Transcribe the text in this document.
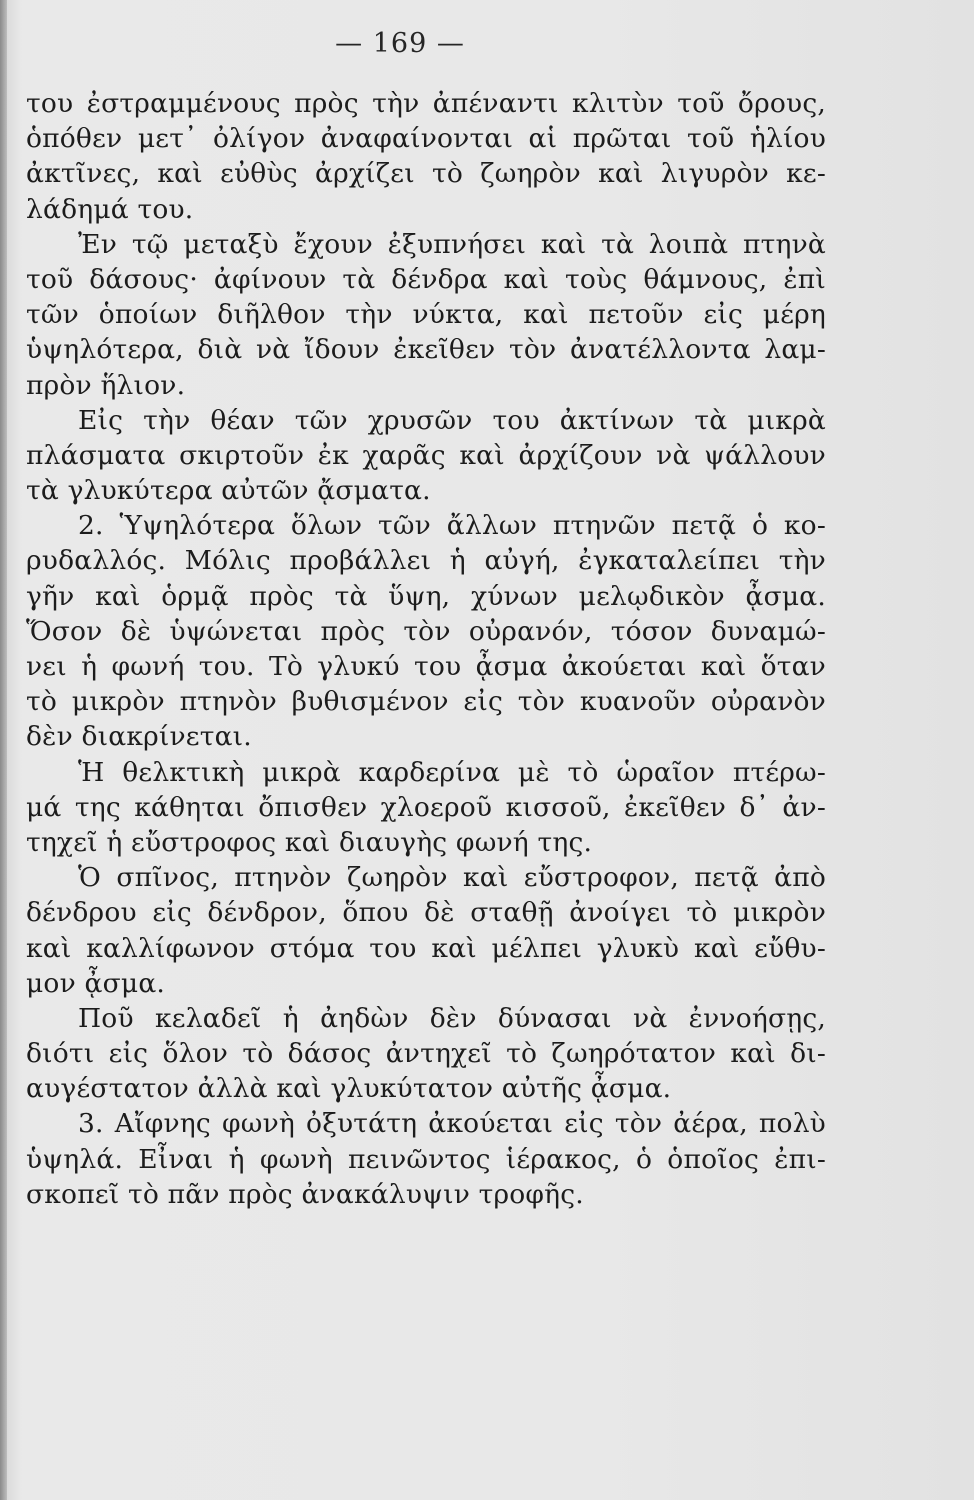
— 169 —
του ἐστραμμένους πρὸς τὴν ἀπέναντι κλιτὺν τοῦ ὄρους,
ὁπόθεν μετ᾽ ὀλίγον ἀναφαίνονται αἱ πρῶται τοῦ ἡλίου
ἀκτῖνες, καὶ εὐθὺς ἀρχίζει τὸ ζωηρὸν καὶ λιγυρὸν κε-
λάδημά του.
Ἐν τῷ μεταξὺ ἔχουν ἐξυπνήσει καὶ τὰ λοιπὰ πτηνὰ
τοῦ δάσους· ἀφίνουν τὰ δένδρα καὶ τοὺς θάμνους, ἐπὶ
τῶν ὁποίων διῆλθον τὴν νύκτα, καὶ πετοῦν εἰς μέρη
ὑψηλότερα, διὰ νὰ ἴδουν ἐκεῖθεν τὸν ἀνατέλλοντα λαμ-
πρὸν ἥλιον.
Εἰς τὴν θέαν τῶν χρυσῶν του ἀκτίνων τὰ μικρὰ
πλάσματα σκιρτοῦν ἐκ χαρᾶς καὶ ἀρχίζουν νὰ ψάλλουν
τὰ γλυκύτερα αὐτῶν ᾄσματα.
2. Ὑψηλότερα ὅλων τῶν ἄλλων πτηνῶν πετᾷ ὁ κο-
ρυδαλλός. Μόλις προβάλλει ἡ αὐγή, ἐγκαταλείπει τὴν
γῆν καὶ ὁρμᾷ πρὸς τὰ ὕψη, χύνων μελῳδικὸν ᾆσμα.
Ὅσον δὲ ὑψώνεται πρὸς τὸν οὐρανόν, τόσον δυναμώ-
νει ἡ φωνή του. Τὸ γλυκύ του ᾆσμα ἀκούεται καὶ ὅταν
τὸ μικρὸν πτηνὸν βυθισμένον εἰς τὸν κυανοῦν οὐρανὸν
δὲν διακρίνεται.
Ἡ θελκτικὴ μικρὰ καρδερίνα μὲ τὸ ὡραῖον πτέρω-
μά της κάθηται ὄπισθεν χλοεροῦ κισσοῦ, ἐκεῖθεν δ᾽ ἀν-
τηχεῖ ἡ εὔστροφος καὶ διαυγὴς φωνή της.
Ὁ σπῖνος, πτηνὸν ζωηρὸν καὶ εὔστροφον, πετᾷ ἀπὸ
δένδρου εἰς δένδρον, ὅπου δὲ σταθῇ ἀνοίγει τὸ μικρὸν
καὶ καλλίφωνον στόμα του καὶ μέλπει γλυκὺ καὶ εὔθυ-
μον ᾆσμα.
Ποῦ κελαδεῖ ἡ ἀηδὼν δὲν δύνασαι νὰ ἐννοήσῃς,
διότι εἰς ὅλον τὸ δάσος ἀντηχεῖ τὸ ζωηρότατον καὶ δι-
αυγέστατον ἀλλὰ καὶ γλυκύτατον αὐτῆς ᾆσμα.
3. Αἴφνης φωνὴ ὀξυτάτη ἀκούεται εἰς τὸν ἀέρα, πολὺ
ὑψηλά. Εἶναι ἡ φωνὴ πεινῶντος ἱέρακος, ὁ ὁποῖος ἐπι-
σκοπεῖ τὸ πᾶν πρὸς ἀνακάλυψιν τροφῆς.
